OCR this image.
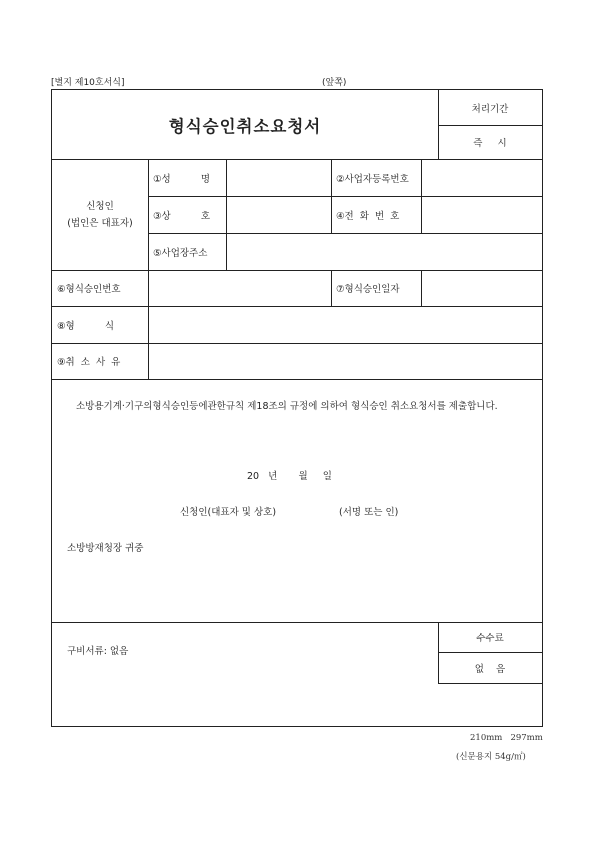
[별지 제10호서식]	(앞쪽)
형식승인취소요청서
처리기간
즉     시
신청인
(법인은 대표자)
①성          명	②사업자등록번호
③상          호	④전  화  번  호
⑤사업장주소
⑥형식승인번호	⑦형식승인일자
⑧형          식
⑨취  소  사  유
소방용기계·기구의형식승인등에관한규칙 제18조의 규정에 의하여 형식승인 취소요청서를 제출합니다.
20   년       월     일
신청인(대표자 및 상호)	(서명 또는 인)
소방방재청장 귀중
구비서류: 없음
수수료
없    음
210mm   297mm
(신문용지 54g/㎡)
